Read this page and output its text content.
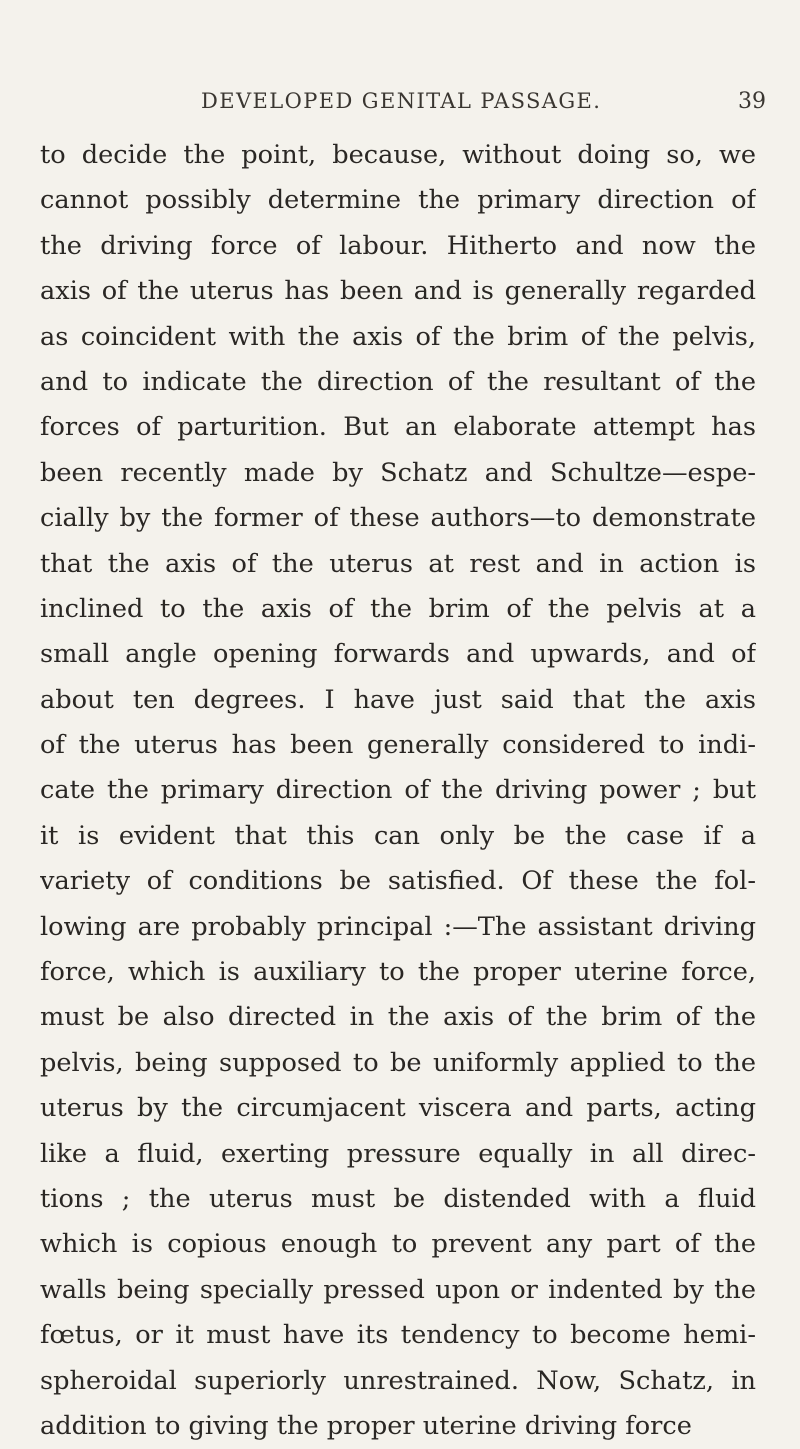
DEVELOPED GENITAL PASSAGE.	39
to decide the point, because, without doing so, we
cannot possibly determine the primary direction of
the driving force of labour. Hitherto and now the
axis of the uterus has been and is generally regarded
as coincident with the axis of the brim of the pelvis,
and to indicate the direction of the resultant of the
forces of parturition. But an elaborate attempt has
been recently made by Schatz and Schultze—espe-
cially by the former of these authors—to demonstrate
that the axis of the uterus at rest and in action is
inclined to the axis of the brim of the pelvis at a
small angle opening forwards and upwards, and of
about ten degrees. I have just said that the axis
of the uterus has been generally considered to indi-
cate the primary direction of the driving power ; but
it is evident that this can only be the case if a
variety of conditions be satisfied. Of these the fol-
lowing are probably principal :—The assistant driving
force, which is auxiliary to the proper uterine force,
must be also directed in the axis of the brim of the
pelvis, being supposed to be uniformly applied to the
uterus by the circumjacent viscera and parts, acting
like a fluid, exerting pressure equally in all direc-
tions ; the uterus must be distended with a fluid
which is copious enough to prevent any part of the
walls being specially pressed upon or indented by the
fœtus, or it must have its tendency to become hemi-
spheroidal superiorly unrestrained. Now, Schatz, in
addition to giving the proper uterine driving force
